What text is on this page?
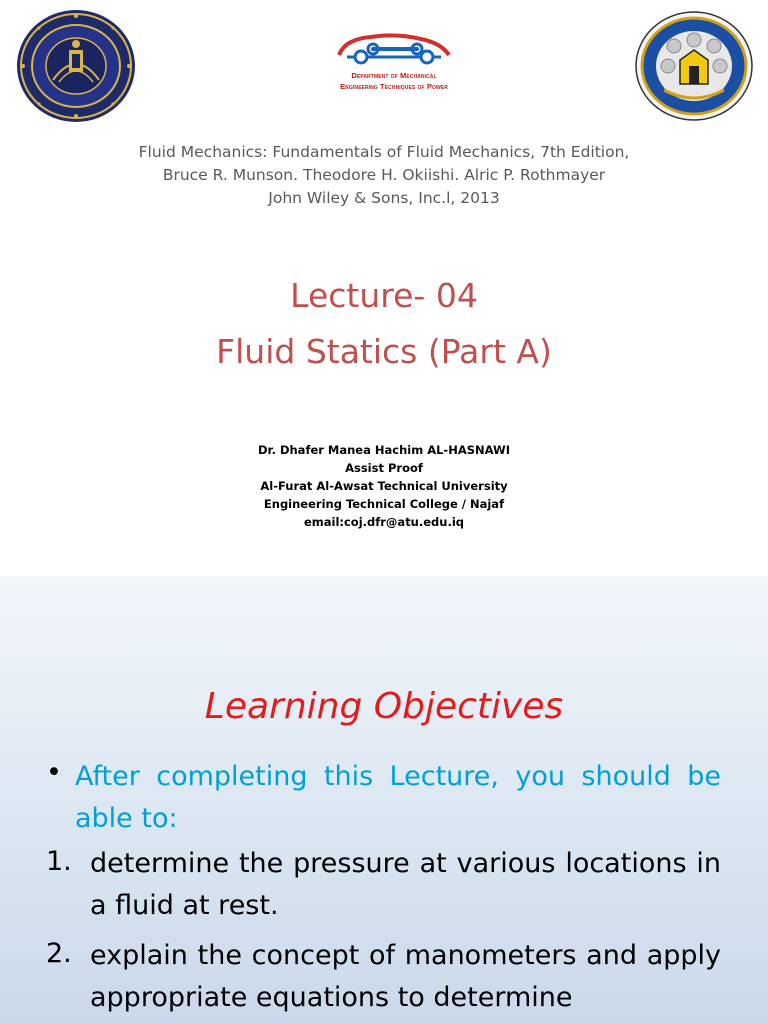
Department of Mechanical
Engineering Techniques of Power
Fluid Mechanics: Fundamentals of Fluid Mechanics, 7th Edition,
Bruce R. Munson. Theodore H. Okiishi. Alric P. Rothmayer
John Wiley & Sons, Inc.l, 2013
Lecture- 04
Fluid Statics (Part A)
Dr. Dhafer Manea Hachim AL-HASNAWI
Assist Proof
Al-Furat Al-Awsat Technical University
Engineering Technical College / Najaf
email:coj.dfr@atu.edu.iq
Learning Objectives
• After completing this Lecture, you should be able to:
1. determine the pressure at various locations in a fluid at rest.
2. explain the concept of manometers and apply appropriate equations to determine
